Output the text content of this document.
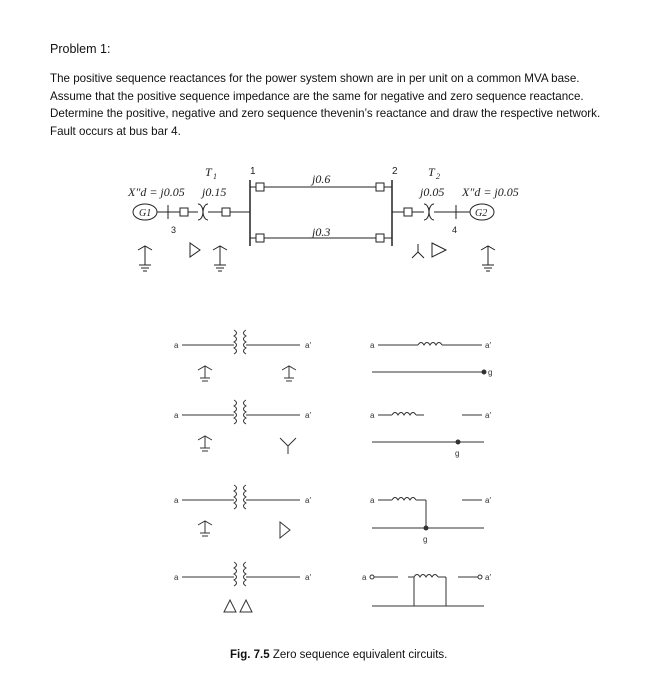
Problem 1:

The positive sequence reactances for the power system shown are in per unit on a common MVA base. Assume that the positive sequence impedance are the same for negative and zero sequence reactance. Determine the positive, negative and zero sequence thevenin’s reactance and draw the respective network. Fault occurs at bus bar 4.

T 1	1	2	T 2
X″d = j0.05 j0.15
j0.6
j0.3
j0.05 X″d = j0.05
G1
3	4
G2
a	a′
a	a′
a	a′
a	a′
a	a′
g
a	a′
g
a	a′
g
a	a′

Fig. 7.5 Zero sequence equivalent circuits.
